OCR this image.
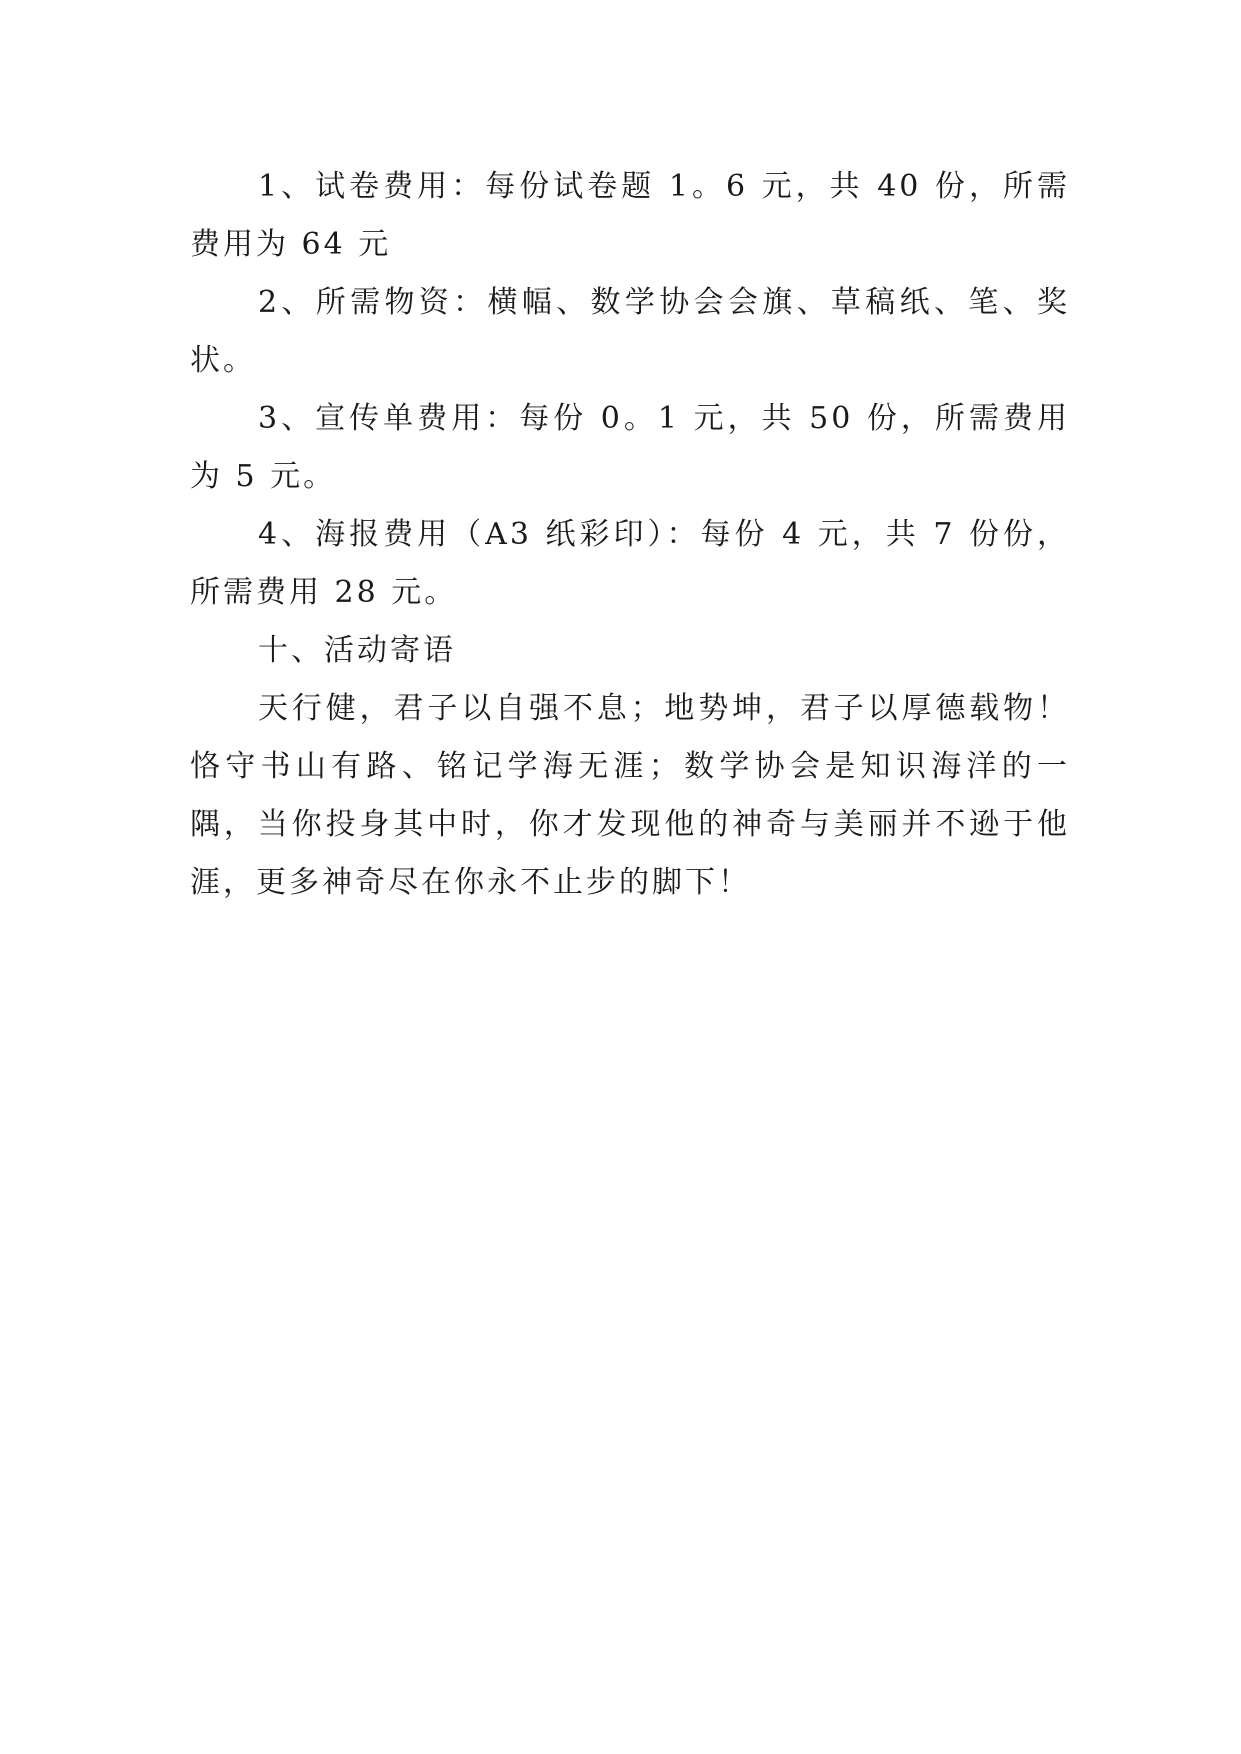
1、试卷费用：每份试卷题 1。6 元，共 40 份，所需费用为 64 元

2、所需物资：横幅、数学协会会旗、草稿纸、笔、奖状。

3、宣传单费用：每份 0。1 元，共 50 份，所需费用为 5 元。

4、海报费用（A3 纸彩印）：每份 4 元，共 7 份份，所需费用 28 元。

十、活动寄语

天行健，君子以自强不息；地势坤，君子以厚德载物！恪守书山有路、铭记学海无涯；数学协会是知识海洋的一隅，当你投身其中时，你才发现他的神奇与美丽并不逊于他涯，更多神奇尽在你永不止步的脚下！
